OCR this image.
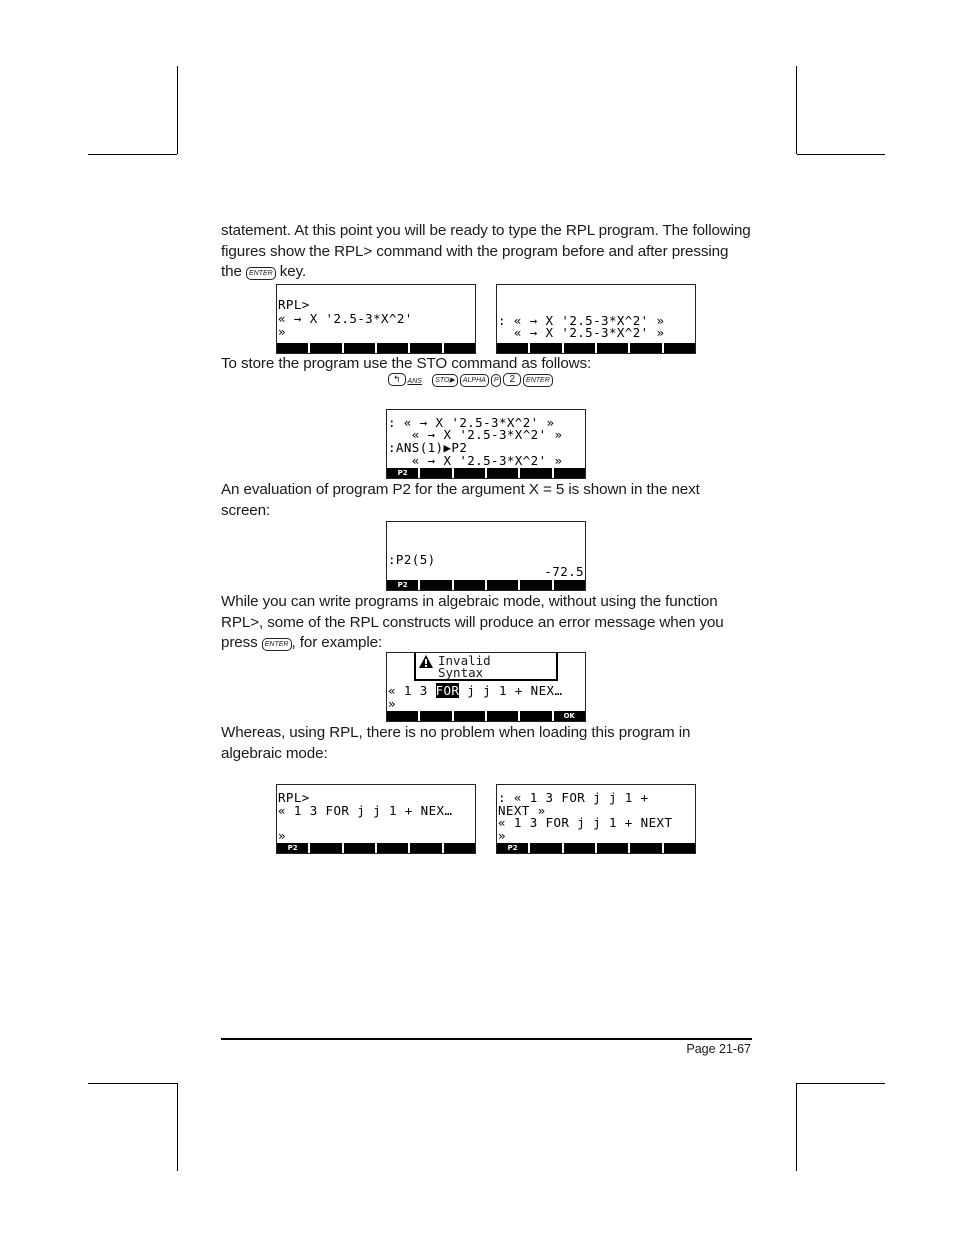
statement. At this point you will be ready to type the RPL program. The following figures show the RPL> command with the program before and after pressing the ENTER key.

RPL>

« → X '2.5-3*X^2'

»

: « → X '2.5-3*X^2' »

« → X '2.5-3*X^2' »

To store the program use the STO command as follows:

↰ ANS STO▶ ALPHA P 2 ENTER

: « → X '2.5-3*X^2' »

« → X '2.5-3*X^2' »

:ANS(1)▶P2

« → X '2.5-3*X^2' »

P2

An evaluation of program P2 for the argument X = 5 is shown in the next screen:

:P2(5)

-72.5

P2

While you can write programs in algebraic mode, without using the function RPL>, some of the RPL constructs will produce an error message when you press ENTER , for example:

Invalid

Syntax

« 1 3 FOR j j 1 + NEX…

»

OK

Whereas, using RPL, there is no problem when loading this program in algebraic mode:

RPL>

« 1 3 FOR j j 1 + NEX…

»

P2

: « 1 3 FOR j j 1 +

NEXT »

« 1 3 FOR j j 1 + NEXT

»

P2

Page 21-67
